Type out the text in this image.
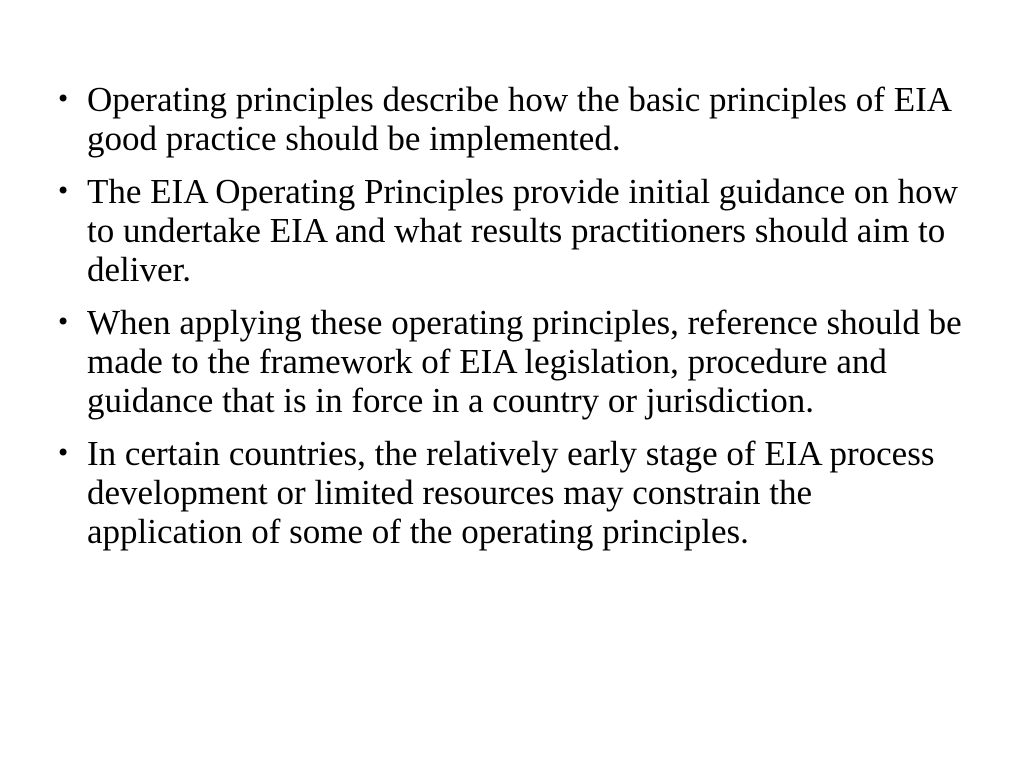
• Operating principles describe how the basic principles of EIA good practice should be implemented.
• The EIA Operating Principles provide initial guidance on how to undertake EIA and what results practitioners should aim to deliver.
• When applying these operating principles, reference should be made to the framework of EIA legislation, procedure and guidance that is in force in a country or jurisdiction.
• In certain countries, the relatively early stage of EIA process development or limited resources may constrain the application of some of the operating principles.
